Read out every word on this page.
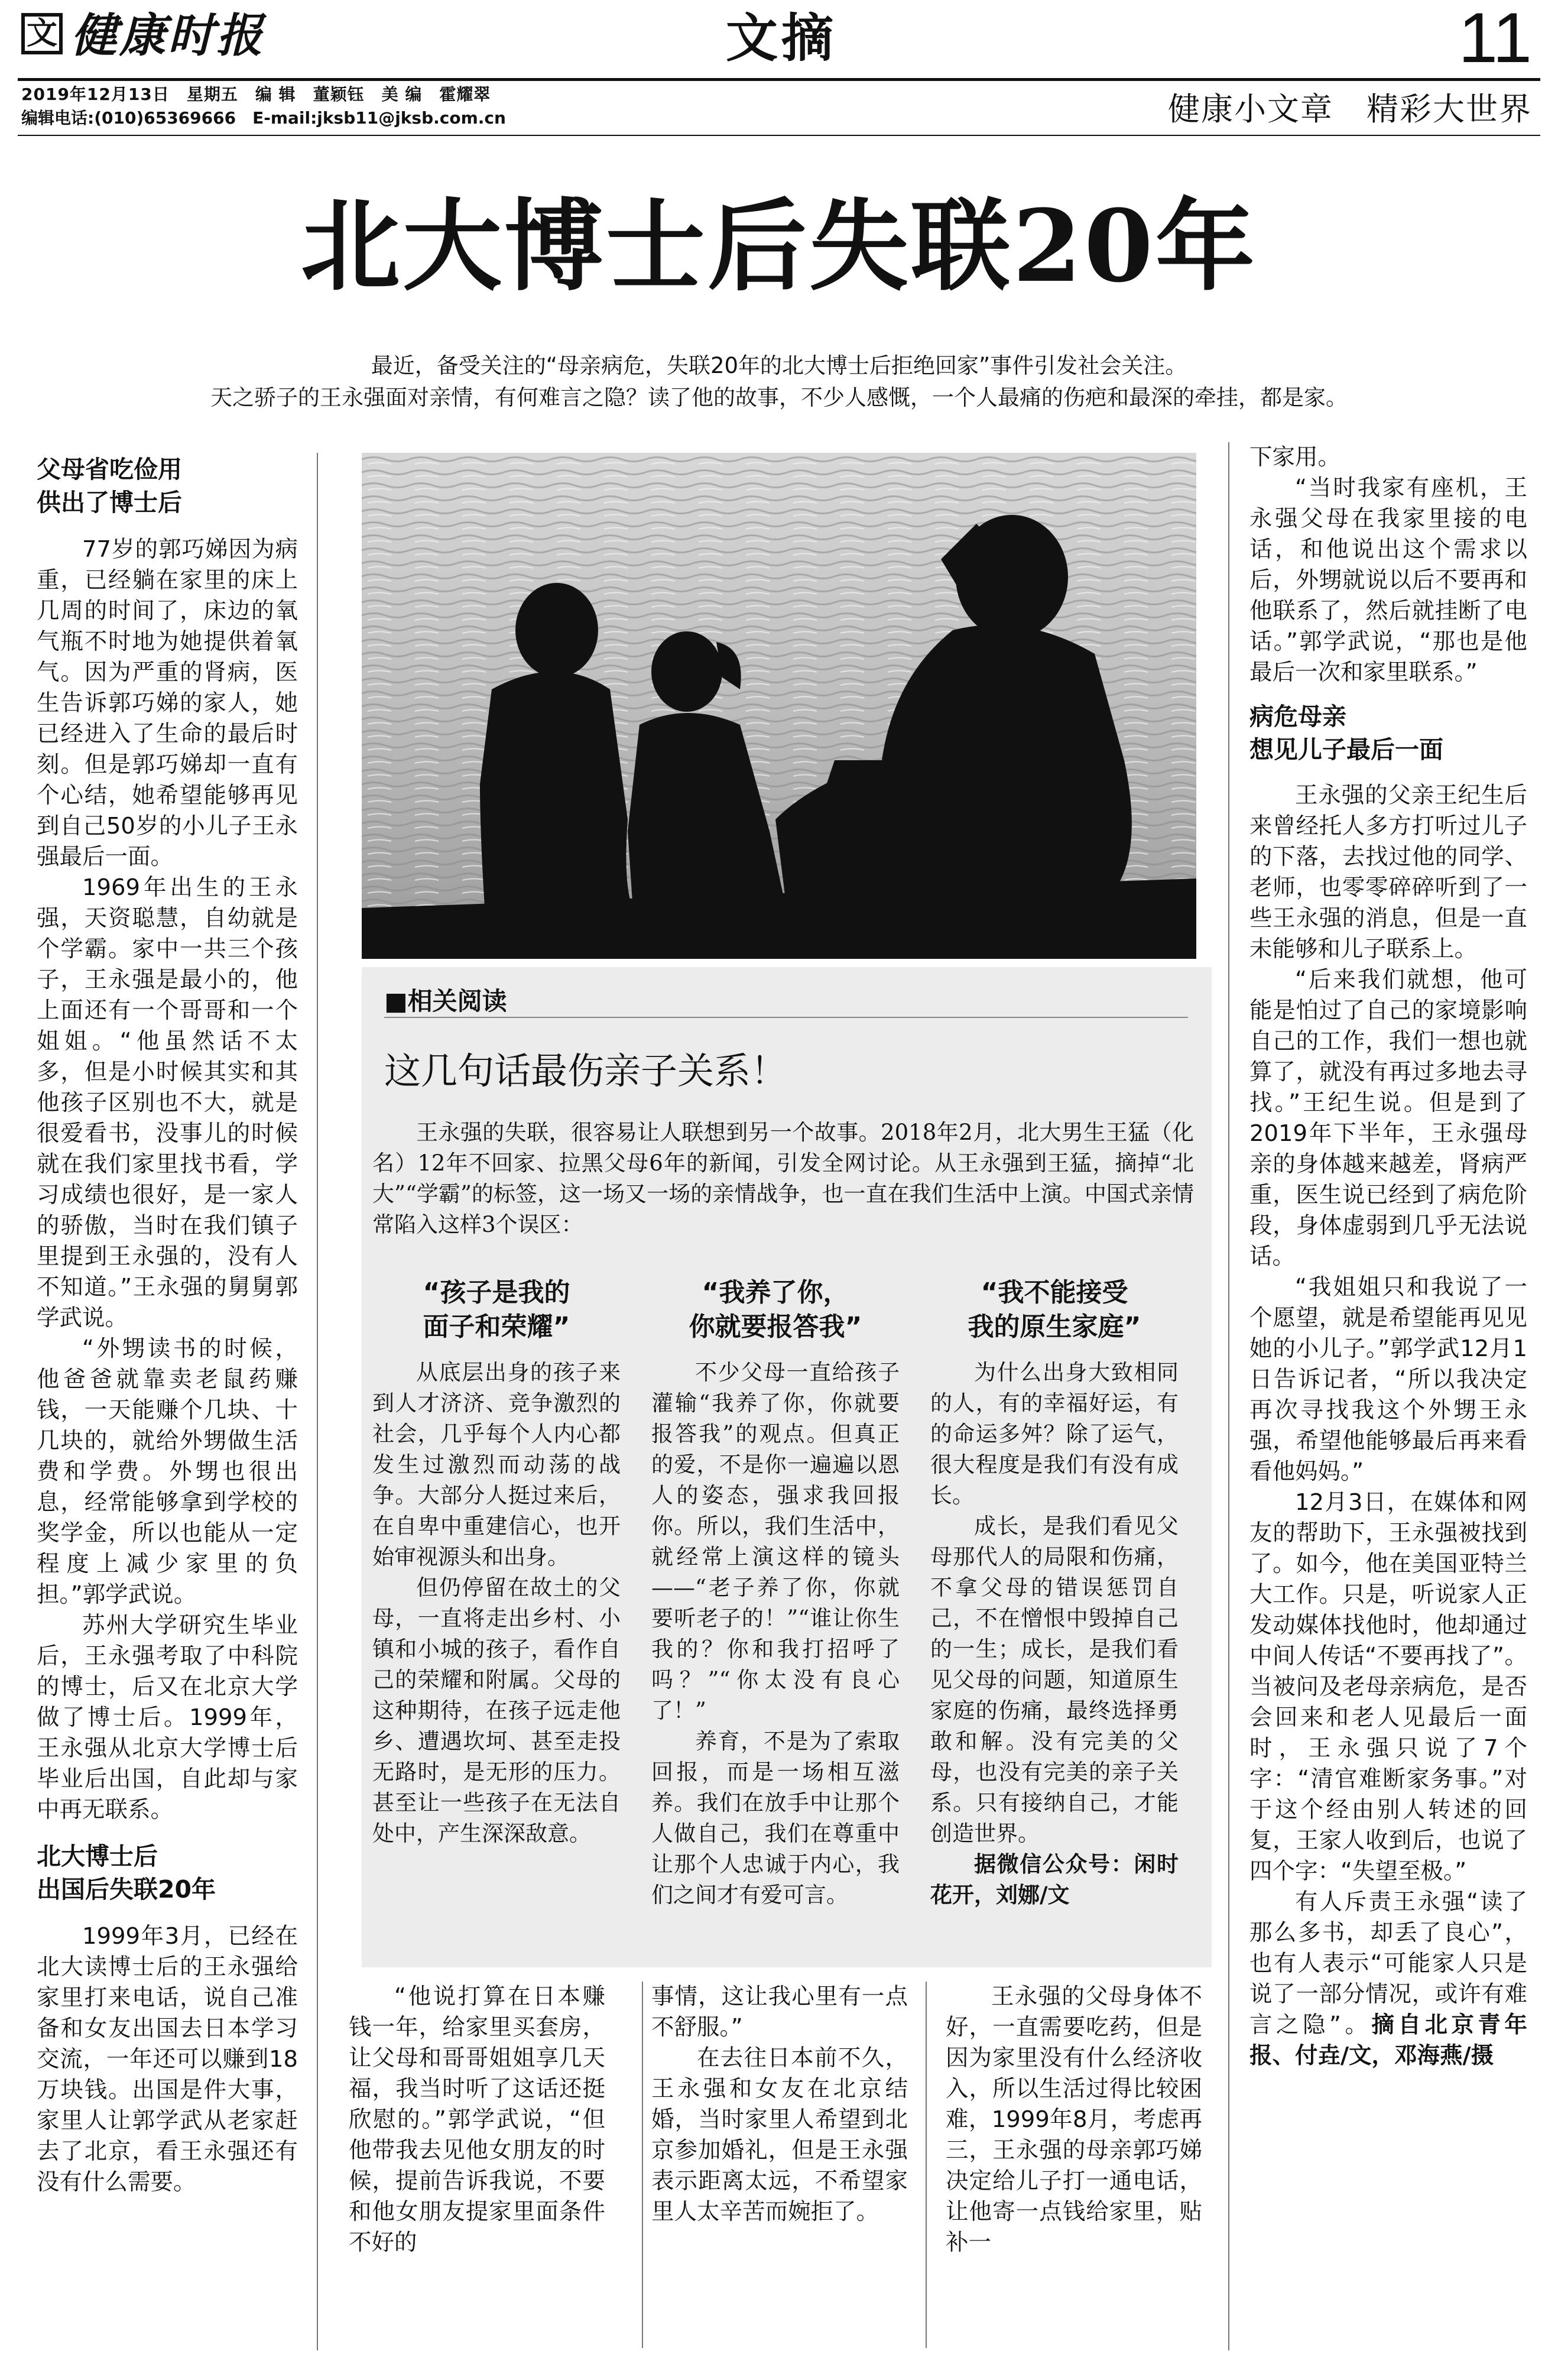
文 健康时报	文摘	11
2019年12月13日　星期五　编 辑　董颖钰　美 编　霍耀翠
编辑电话:(010)65369666　E-mail:jksb11@jksb.com.cn	健康小文章　精彩大世界
北大博士后失联20年
最近，备受关注的“母亲病危，失联20年的北大博士后拒绝回家”事件引发社会关注。
天之骄子的王永强面对亲情，有何难言之隐？读了他的故事，不少人感慨，一个人最痛的伤疤和最深的牵挂，都是家。
父母省吃俭用
供出了博士后

77岁的郭巧娣因为病重，已经躺在家里的床上几周的时间了，床边的氧气瓶不时地为她提供着氧气。因为严重的肾病，医生告诉郭巧娣的家人，她已经进入了生命的最后时刻。但是郭巧娣却一直有个心结，她希望能够再见到自己50岁的小儿子王永强最后一面。

1969年出生的王永强，天资聪慧，自幼就是个学霸。家中一共三个孩子，王永强是最小的，他上面还有一个哥哥和一个姐姐。“他虽然话不太多，但是小时候其实和其他孩子区别也不大，就是很爱看书，没事儿的时候就在我们家里找书看，学习成绩也很好，是一家人的骄傲，当时在我们镇子里提到王永强的，没有人不知道。”王永强的舅舅郭学武说。

“外甥读书的时候，他爸爸就靠卖老鼠药赚钱，一天能赚个几块、十几块的，就给外甥做生活费和学费。外甥也很出息，经常能够拿到学校的奖学金，所以也能从一定程度上减少家里的负担。”郭学武说。

苏州大学研究生毕业后，王永强考取了中科院的博士，后又在北京大学做了博士后。1999年，王永强从北京大学博士后毕业后出国，自此却与家中再无联系。

北大博士后
出国后失联20年

1999年3月，已经在北大读博士后的王永强给家里打来电话，说自己准备和女友出国去日本学习交流，一年还可以赚到18万块钱。出国是件大事，家里人让郭学武从老家赶去了北京，看王永强还有没有什么需要。

■相关阅读
这几句话最伤亲子关系！

王永强的失联，很容易让人联想到另一个故事。2018年2月，北大男生王猛（化名）12年不回家、拉黑父母6年的新闻，引发全网讨论。从王永强到王猛，摘掉“北大”“学霸”的标签，这一场又一场的亲情战争，也一直在我们生活中上演。中国式亲情常陷入这样3个误区：

“孩子是我的
面子和荣耀”

从底层出身的孩子来到人才济济、竞争激烈的社会，几乎每个人内心都发生过激烈而动荡的战争。大部分人挺过来后，在自卑中重建信心，也开始审视源头和出身。

但仍停留在故土的父母，一直将走出乡村、小镇和小城的孩子，看作自己的荣耀和附属。父母的这种期待，在孩子远走他乡、遭遇坎坷、甚至走投无路时，是无形的压力。甚至让一些孩子在无法自处中，产生深深敌意。

“我养了你，
你就要报答我”

不少父母一直给孩子灌输“我养了你，你就要报答我”的观点。但真正的爱，不是你一遍遍以恩人的姿态，强求我回报你。所以，我们生活中，就经常上演这样的镜头——“老子养了你，你就要听老子的！”“谁让你生我的？你和我打招呼了吗？”“你太没有良心了！”

养育，不是为了索取回报，而是一场相互滋养。我们在放手中让那个人做自己，我们在尊重中让那个人忠诚于内心，我们之间才有爱可言。

“我不能接受
我的原生家庭”

为什么出身大致相同的人，有的幸福好运，有的命运多舛？除了运气，很大程度是我们有没有成长。

成长，是我们看见父母那代人的局限和伤痛，不拿父母的错误惩罚自己，不在憎恨中毁掉自己的一生；成长，是我们看见父母的问题，知道原生家庭的伤痛，最终选择勇敢和解。没有完美的父母，也没有完美的亲子关系。只有接纳自己，才能创造世界。

据微信公众号：闲时花开，刘娜/文

“他说打算在日本赚钱一年，给家里买套房，让父母和哥哥姐姐享几天福，我当时听了这话还挺欣慰的。”郭学武说，“但他带我去见他女朋友的时候，提前告诉我说，不要和他女朋友提家里面条件不好的

事情，这让我心里有一点不舒服。”

在去往日本前不久，王永强和女友在北京结婚，当时家里人希望到北京参加婚礼，但是王永强表示距离太远，不希望家里人太辛苦而婉拒了。

王永强的父母身体不好，一直需要吃药，但是因为家里没有什么经济收入，所以生活过得比较困难，1999年8月，考虑再三，王永强的母亲郭巧娣决定给儿子打一通电话，让他寄一点钱给家里，贴补一

下家用。

“当时我家有座机，王永强父母在我家里接的电话，和他说出这个需求以后，外甥就说以后不要再和他联系了，然后就挂断了电话。”郭学武说，“那也是他最后一次和家里联系。”

病危母亲
想见儿子最后一面

王永强的父亲王纪生后来曾经托人多方打听过儿子的下落，去找过他的同学、老师，也零零碎碎听到了一些王永强的消息，但是一直未能够和儿子联系上。

“后来我们就想，他可能是怕过了自己的家境影响自己的工作，我们一想也就算了，就没有再过多地去寻找。”王纪生说。但是到了2019年下半年，王永强母亲的身体越来越差，肾病严重，医生说已经到了病危阶段，身体虚弱到几乎无法说话。

“我姐姐只和我说了一个愿望，就是希望能再见见她的小儿子。”郭学武12月1日告诉记者，“所以我决定再次寻找我这个外甥王永强，希望他能够最后再来看看他妈妈。”

12月3日，在媒体和网友的帮助下，王永强被找到了。如今，他在美国亚特兰大工作。只是，听说家人正发动媒体找他时，他却通过中间人传话“不要再找了”。当被问及老母亲病危，是否会回来和老人见最后一面时，王永强只说了7个字：“清官难断家务事。”对于这个经由别人转述的回复，王家人收到后，也说了四个字：“失望至极。”

有人斥责王永强“读了那么多书，却丢了良心”，也有人表示“可能家人只是说了一部分情况，或许有难言之隐”。摘自北京青年报、付垚/文，邓海燕/摄
